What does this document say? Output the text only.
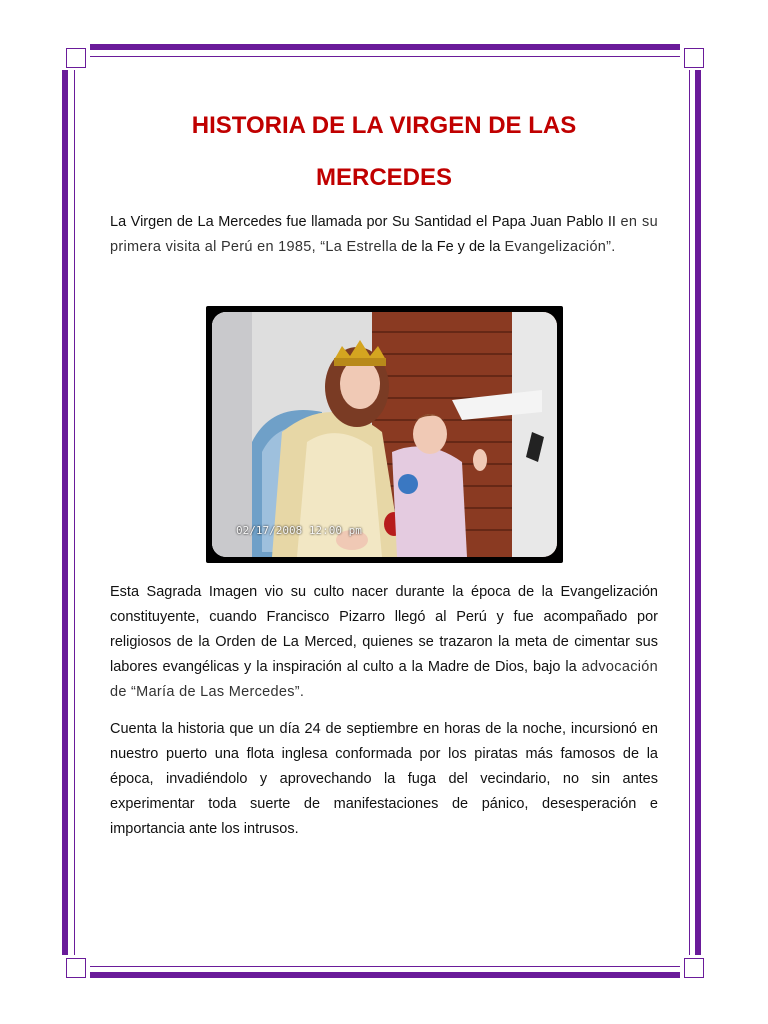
HISTORIA DE LA VIRGEN DE LAS
MERCEDES

La Virgen de La Mercedes fue llamada por Su Santidad el Papa Juan Pablo II en su primera visita al Perú en 1985, “La Estrella de la Fe y de la Evangelización”.

02/17/2008 12:00 pm

Esta Sagrada Imagen vio su culto nacer durante la época de la Evangelización constituyente, cuando Francisco Pizarro llegó al Perú y fue acompañado por religiosos de la Orden de La Merced, quienes se trazaron la meta de cimentar sus labores evangélicas y la inspiración al culto a la Madre de Dios, bajo la advocación de “María de Las Mercedes”.

Cuenta la historia que un día 24 de septiembre en horas de la noche, incursionó en nuestro puerto una flota inglesa conformada por los piratas más famosos de la época, invadiéndolo y aprovechando la fuga del vecindario, no sin antes experimentar toda suerte de manifestaciones de pánico, desesperación e importancia ante los intrusos.
